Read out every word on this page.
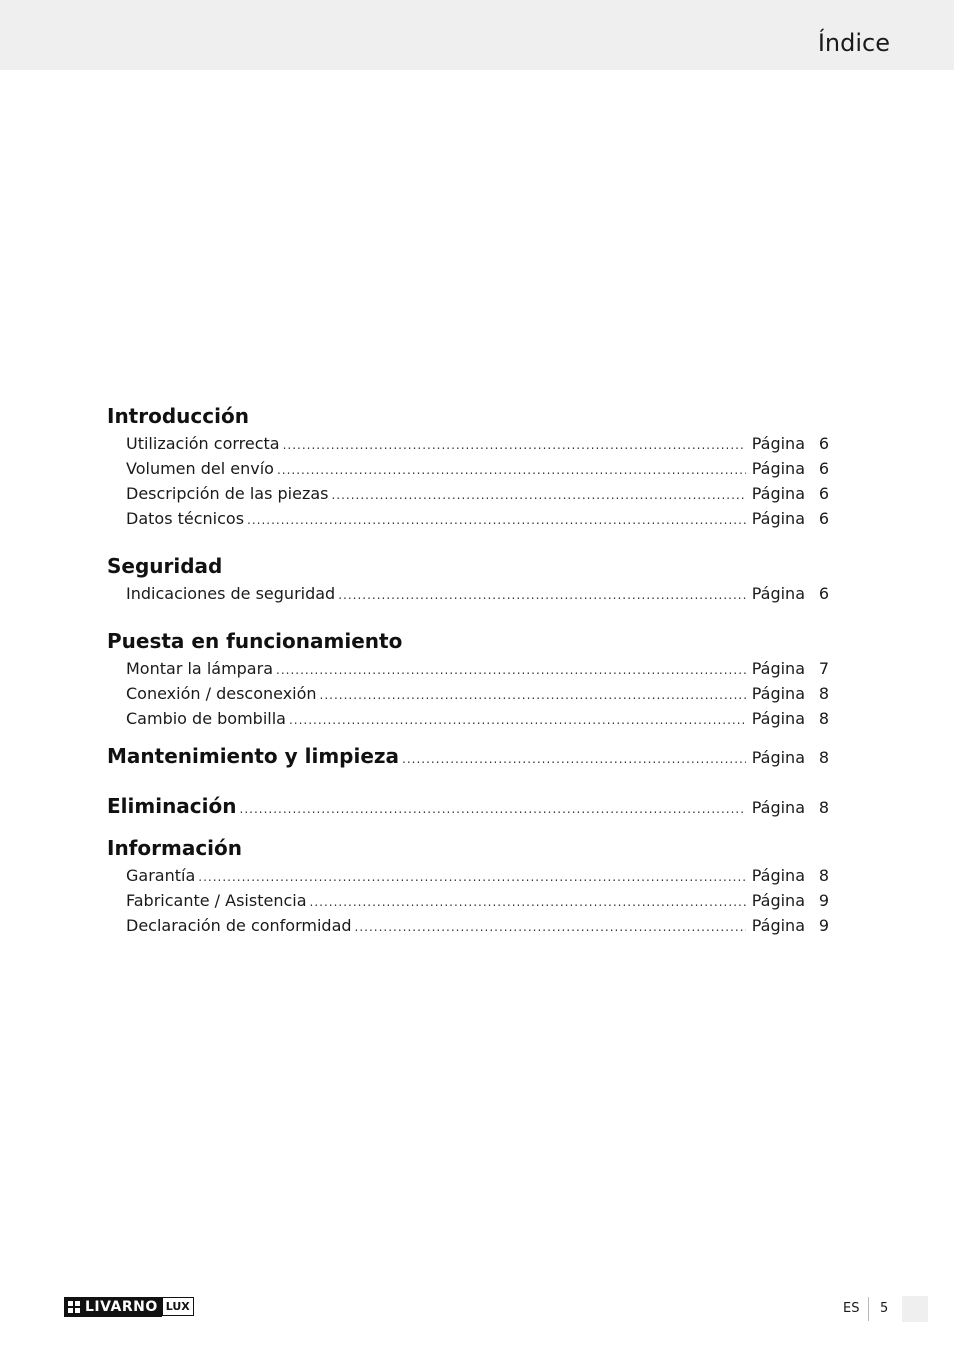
Índice
Introducción
Utilización correcta .....	Página 6
Volumen del envío .....	Página 6
Descripción de las piezas .....	Página 6
Datos técnicos .....	Página 6
Seguridad
Indicaciones de seguridad .....	Página 6
Puesta en funcionamiento
Montar la lámpara .....	Página 7
Conexión / desconexión .....	Página 8
Cambio de bombilla .....	Página 8
Mantenimiento y limpieza .....	Página 8
Eliminación .....	Página 8
Información
Garantía .....	Página 8
Fabricante / Asistencia .....	Página 9
Declaración de conformidad .....	Página 9
LIVARNO LUX	ES 5
